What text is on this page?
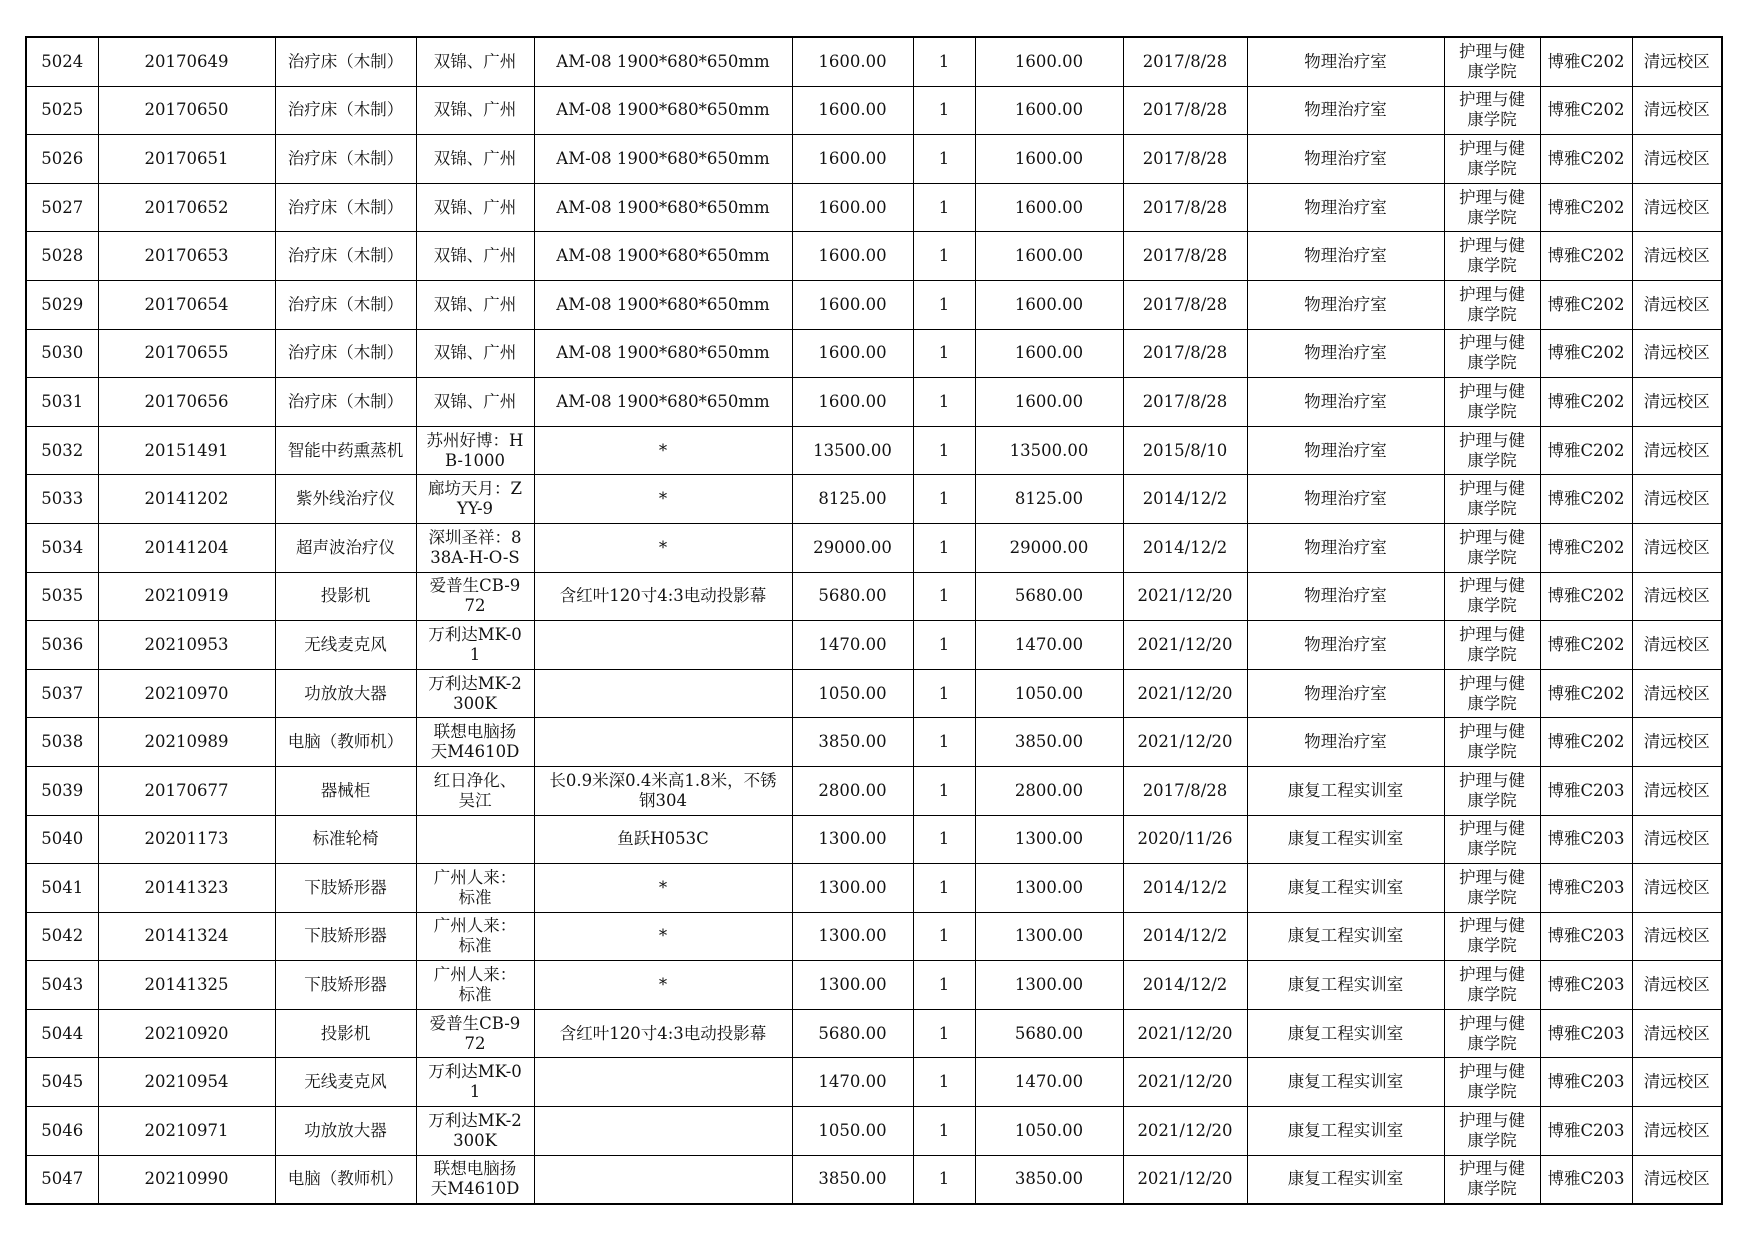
5024	20170649	治疗床（木制）	双锦、广州	AM-08 1900*680*650mm	1600.00	1	1600.00	2017/8/28	物理治疗室	护理与健康学院	博雅C202	清远校区
5025	20170650	治疗床（木制）	双锦、广州	AM-08 1900*680*650mm	1600.00	1	1600.00	2017/8/28	物理治疗室	护理与健康学院	博雅C202	清远校区
5026	20170651	治疗床（木制）	双锦、广州	AM-08 1900*680*650mm	1600.00	1	1600.00	2017/8/28	物理治疗室	护理与健康学院	博雅C202	清远校区
5027	20170652	治疗床（木制）	双锦、广州	AM-08 1900*680*650mm	1600.00	1	1600.00	2017/8/28	物理治疗室	护理与健康学院	博雅C202	清远校区
5028	20170653	治疗床（木制）	双锦、广州	AM-08 1900*680*650mm	1600.00	1	1600.00	2017/8/28	物理治疗室	护理与健康学院	博雅C202	清远校区
5029	20170654	治疗床（木制）	双锦、广州	AM-08 1900*680*650mm	1600.00	1	1600.00	2017/8/28	物理治疗室	护理与健康学院	博雅C202	清远校区
5030	20170655	治疗床（木制）	双锦、广州	AM-08 1900*680*650mm	1600.00	1	1600.00	2017/8/28	物理治疗室	护理与健康学院	博雅C202	清远校区
5031	20170656	治疗床（木制）	双锦、广州	AM-08 1900*680*650mm	1600.00	1	1600.00	2017/8/28	物理治疗室	护理与健康学院	博雅C202	清远校区
5032	20151491	智能中药熏蒸机	苏州好博：HB-1000	*	13500.00	1	13500.00	2015/8/10	物理治疗室	护理与健康学院	博雅C202	清远校区
5033	20141202	紫外线治疗仪	廊坊天月：ZYY-9	*	8125.00	1	8125.00	2014/12/2	物理治疗室	护理与健康学院	博雅C202	清远校区
5034	20141204	超声波治疗仪	深圳圣祥：838A-H-O-S	*	29000.00	1	29000.00	2014/12/2	物理治疗室	护理与健康学院	博雅C202	清远校区
5035	20210919	投影机	爱普生CB-972	含红叶120寸4:3电动投影幕	5680.00	1	5680.00	2021/12/20	物理治疗室	护理与健康学院	博雅C202	清远校区
5036	20210953	无线麦克风	万利达MK-01		1470.00	1	1470.00	2021/12/20	物理治疗室	护理与健康学院	博雅C202	清远校区
5037	20210970	功放放大器	万利达MK-2300K		1050.00	1	1050.00	2021/12/20	物理治疗室	护理与健康学院	博雅C202	清远校区
5038	20210989	电脑（教师机）	联想电脑扬天M4610D		3850.00	1	3850.00	2021/12/20	物理治疗室	护理与健康学院	博雅C202	清远校区
5039	20170677	器械柜	红日净化、吴江	长0.9米深0.4米高1.8米，不锈钢304	2800.00	1	2800.00	2017/8/28	康复工程实训室	护理与健康学院	博雅C203	清远校区
5040	20201173	标准轮椅		鱼跃H053C	1300.00	1	1300.00	2020/11/26	康复工程实训室	护理与健康学院	博雅C203	清远校区
5041	20141323	下肢矫形器	广州人来：标准	*	1300.00	1	1300.00	2014/12/2	康复工程实训室	护理与健康学院	博雅C203	清远校区
5042	20141324	下肢矫形器	广州人来：标准	*	1300.00	1	1300.00	2014/12/2	康复工程实训室	护理与健康学院	博雅C203	清远校区
5043	20141325	下肢矫形器	广州人来：标准	*	1300.00	1	1300.00	2014/12/2	康复工程实训室	护理与健康学院	博雅C203	清远校区
5044	20210920	投影机	爱普生CB-972	含红叶120寸4:3电动投影幕	5680.00	1	5680.00	2021/12/20	康复工程实训室	护理与健康学院	博雅C203	清远校区
5045	20210954	无线麦克风	万利达MK-01		1470.00	1	1470.00	2021/12/20	康复工程实训室	护理与健康学院	博雅C203	清远校区
5046	20210971	功放放大器	万利达MK-2300K		1050.00	1	1050.00	2021/12/20	康复工程实训室	护理与健康学院	博雅C203	清远校区
5047	20210990	电脑（教师机）	联想电脑扬天M4610D		3850.00	1	3850.00	2021/12/20	康复工程实训室	护理与健康学院	博雅C203	清远校区
